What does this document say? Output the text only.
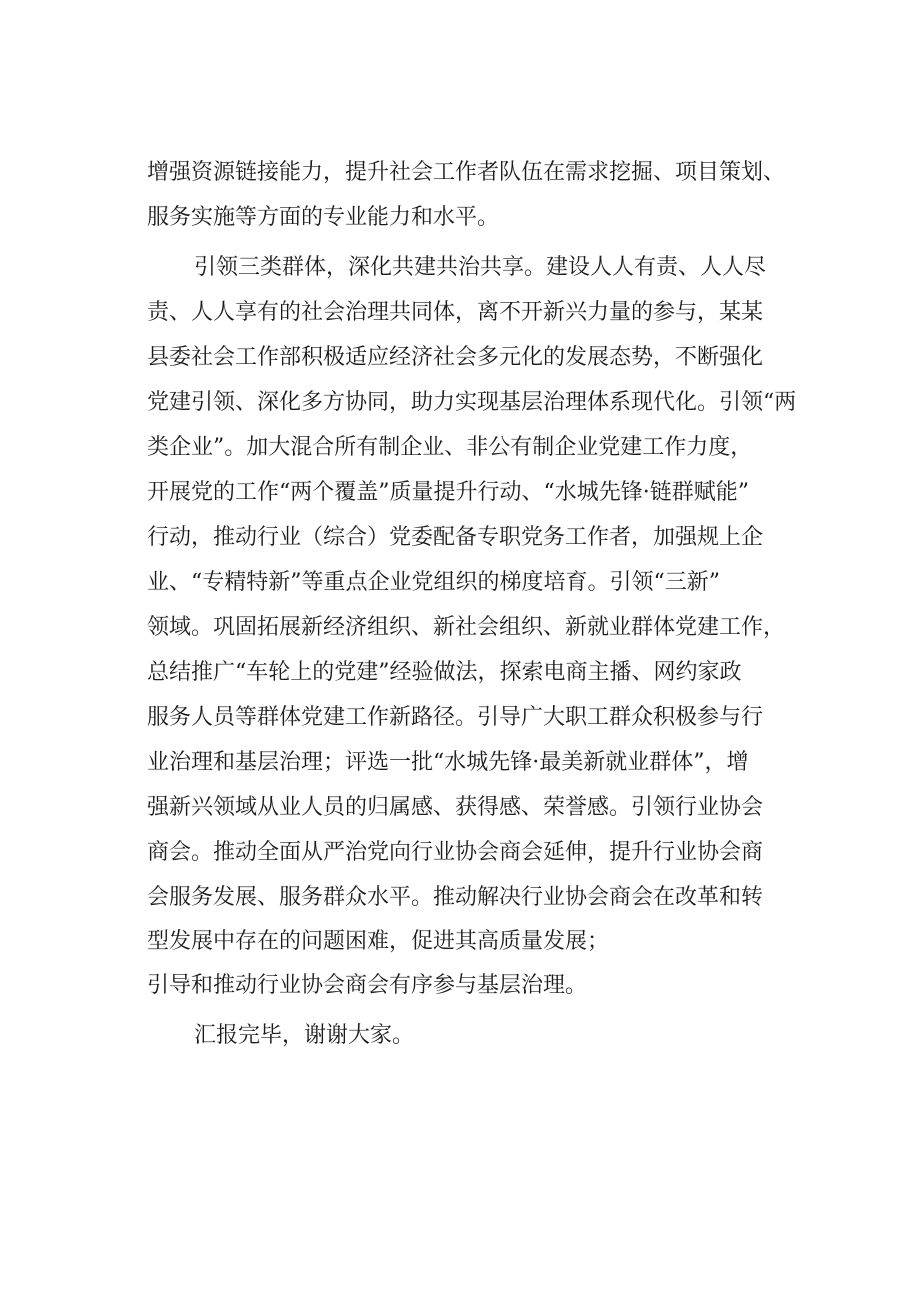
增强资源链接能力，提升社会工作者队伍在需求挖掘、项目策划、
服务实施等方面的专业能力和水平。
引领三类群体，深化共建共治共享。建设人人有责、人人尽
责、人人享有的社会治理共同体，离不开新兴力量的参与，某某
县委社会工作部积极适应经济社会多元化的发展态势，不断强化
党建引领、深化多方协同，助力实现基层治理体系现代化。引领“两
类企业”。加大混合所有制企业、非公有制企业党建工作力度，
开展党的工作“两个覆盖”质量提升行动、“水城先锋·链群赋能”
行动，推动行业（综合）党委配备专职党务工作者，加强规上企
业、“专精特新”等重点企业党组织的梯度培育。引领“三新”
领域。巩固拓展新经济组织、新社会组织、新就业群体党建工作，
总结推广“车轮上的党建”经验做法，探索电商主播、网约家政
服务人员等群体党建工作新路径。引导广大职工群众积极参与行
业治理和基层治理；评选一批“水城先锋·最美新就业群体”，增
强新兴领域从业人员的归属感、获得感、荣誉感。引领行业协会
商会。推动全面从严治党向行业协会商会延伸，提升行业协会商
会服务发展、服务群众水平。推动解决行业协会商会在改革和转
型发展中存在的问题困难，促进其高质量发展；
引导和推动行业协会商会有序参与基层治理。
汇报完毕，谢谢大家。
